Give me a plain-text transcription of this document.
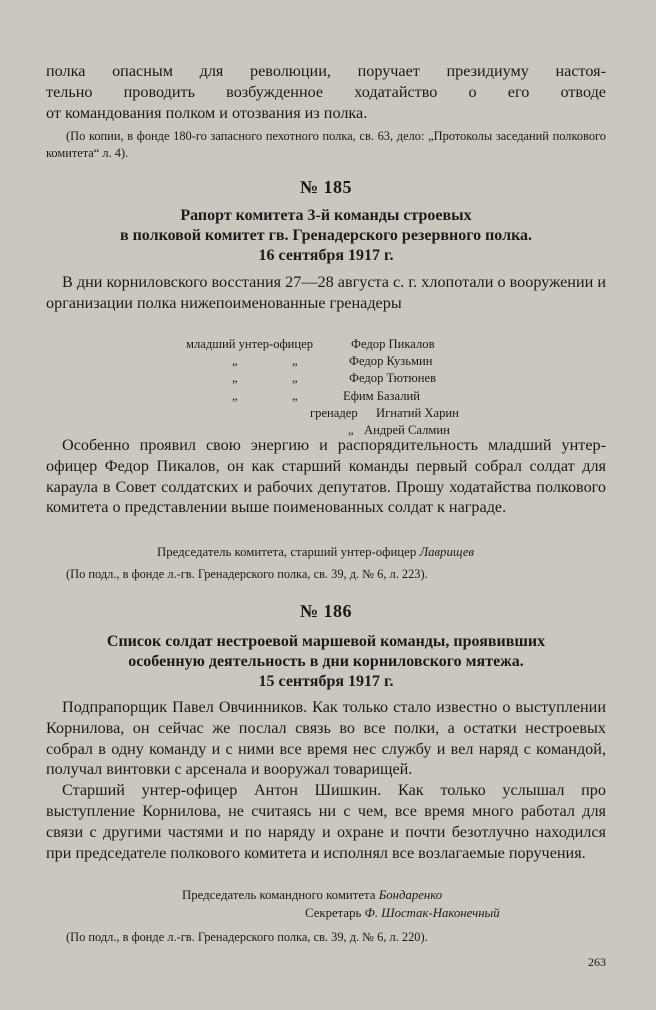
полка опасным для революции, поручает президиуму настоя-

тельно проводить возбужденное ходатайство о его отводе

от командования полком и отозвания из полка.

(По копии, в фонде 180-го запасного пехотного полка, св. 63, дело: „Протоколы заседаний полкового комитета“ л. 4).
№ 185
Рапорт комитета 3-й команды строевых
в полковой комитет гв. Гренадерского резервного полка.
16 сентября 1917 г.

В дни корниловского восстания 27—28 августа с. г. хлопотали о вооружении и организации полка нижепоименованные гренадеры

младший унтер-офицер	Федор Пикалов
„	„	Федор Кузьмин
„	„	Федор Тютюнев
„	„	Ефим Базалий
гренадер Игнатий Харин
„ Андрей Салмин

Особенно проявил свою энергию и распорядительность младший унтер-офицер Федор Пикалов, он как старший команды первый собрал солдат для караула в Совет солдатских и рабочих депутатов. Прошу ходатайства полкового комитета о представлении выше поименованных солдат к награде.

Председатель комитета, старший унтер-офицер Лаврищев
(По подл., в фонде л.-гв. Гренадерского полка, св. 39, д. № 6, л. 223).
№ 186
Список солдат нестроевой маршевой команды, проявивших
особенную деятельность в дни корниловского мятежа.
15 сентября 1917 г.

Подпрапорщик Павел Овчинников. Как только стало известно о выступлении Корнилова, он сейчас же послал связь во все полки, а остатки нестроевых собрал в одну команду и с ними все время нес службу и вел наряд с командой, получал винтовки с арсенала и вооружал товарищей.

Старший унтер-офицер Антон Шишкин. Как только услышал про выступление Корнилова, не считаясь ни с чем, все время много работал для связи с другими частями и по наряду и охране и почти безотлучно находился при председателе полкового комитета и исполнял все возлагаемые поручения.

Председатель командного комитета Бондаренко
Секретарь Ф. Шостак-Наконечный
(По подл., в фонде л.-гв. Гренадерского полка, св. 39, д. № 6, л. 220).
263
